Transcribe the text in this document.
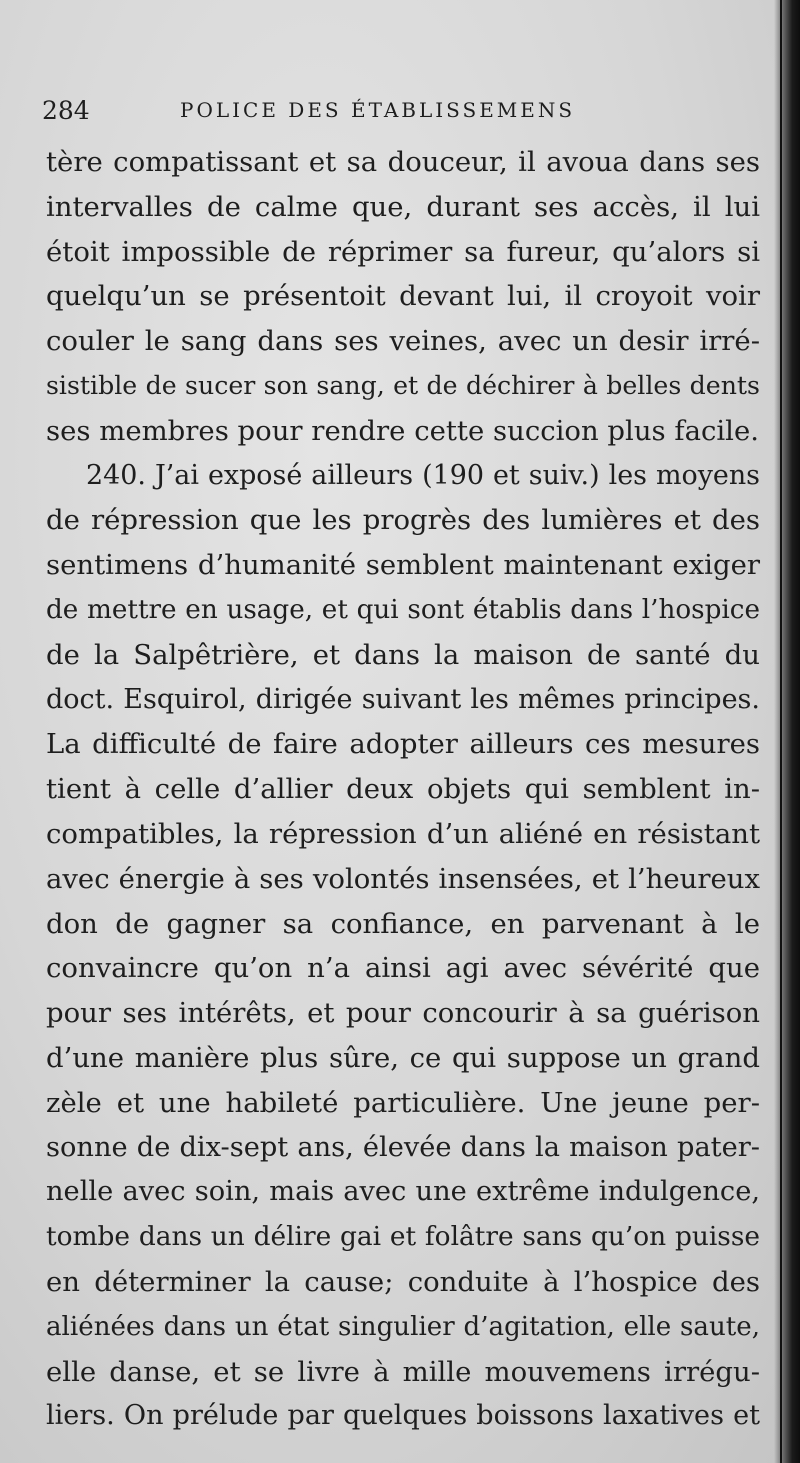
284	POLICE DES ÉTABLISSEMENS
tère compatissant et sa douceur, il avoua dans ses
intervalles de calme que, durant ses accès, il lui
étoit impossible de réprimer sa fureur, qu’alors si
quelqu’un se présentoit devant lui, il croyoit voir
couler le sang dans ses veines, avec un desir irré-
sistible de sucer son sang, et de déchirer à belles dents
ses membres pour rendre cette succion plus facile.
240. J’ai exposé ailleurs (190 et suiv.) les moyens
de répression que les progrès des lumières et des
sentimens d’humanité semblent maintenant exiger
de mettre en usage, et qui sont établis dans l’hospice
de la Salpêtrière, et dans la maison de santé du
doct. Esquirol, dirigée suivant les mêmes principes.
La difficulté de faire adopter ailleurs ces mesures
tient à celle d’allier deux objets qui semblent in-
compatibles, la répression d’un aliéné en résistant
avec énergie à ses volontés insensées, et l’heureux
don de gagner sa confiance, en parvenant à le
convaincre qu’on n’a ainsi agi avec sévérité que
pour ses intérêts, et pour concourir à sa guérison
d’une manière plus sûre, ce qui suppose un grand
zèle et une habileté particulière. Une jeune per-
sonne de dix-sept ans, élevée dans la maison pater-
nelle avec soin, mais avec une extrême indulgence,
tombe dans un délire gai et folâtre sans qu’on puisse
en déterminer la cause; conduite à l’hospice des
aliénées dans un état singulier d’agitation, elle saute,
elle danse, et se livre à mille mouvemens irrégu-
liers. On prélude par quelques boissons laxatives et
